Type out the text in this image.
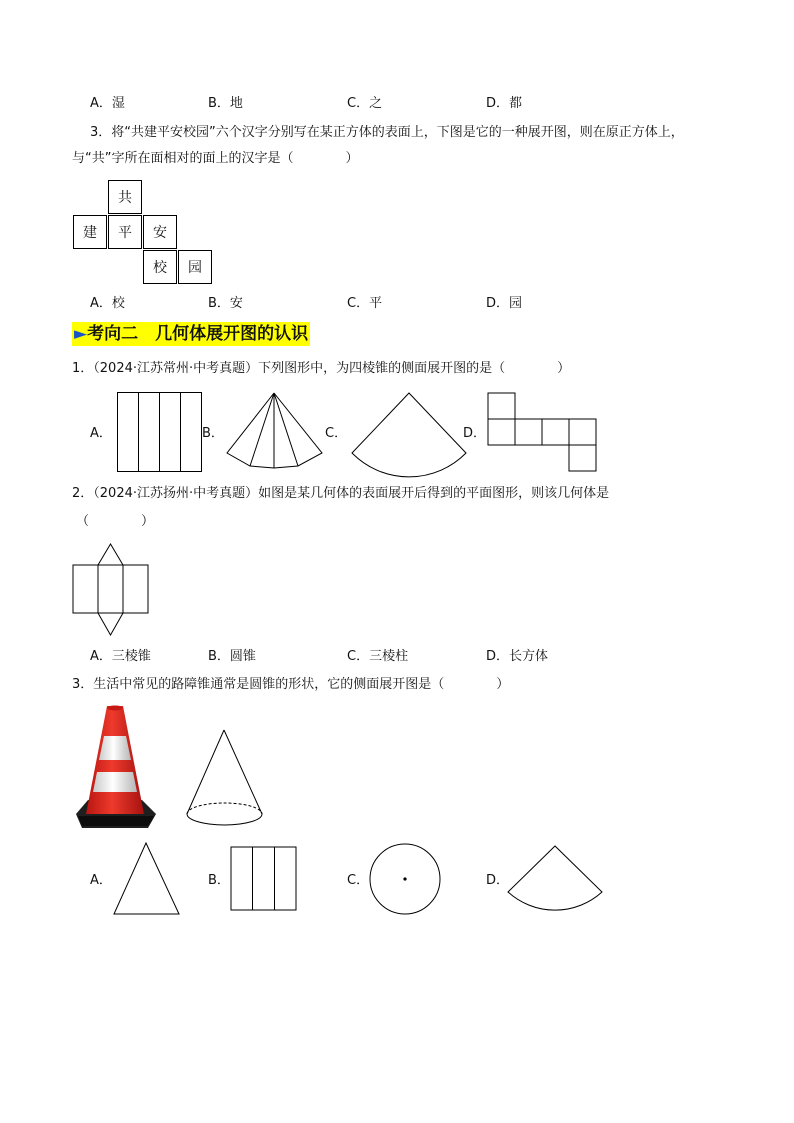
A．湿	B．地	C．之	D．都
3．将“共建平安校园”六个汉字分别写在某正方体的表面上，下图是它的一种展开图，则在原正方体上，
与“共”字所在面相对的面上的汉字是（　　　　）
共
建	平	安
校	园
A．校	B．安	C．平	D．园
►考向二　几何体展开图的认识
1．（2024·江苏常州·中考真题）下列图形中，为四棱锥的侧面展开图的是（　　　　）
A．	B．	C．	D．
2．（2024·江苏扬州·中考真题）如图是某几何体的表面展开后得到的平面图形，则该几何体是
（　　　　）
A．三棱锥	B．圆锥	C．三棱柱	D．长方体
3．生活中常见的路障锥通常是圆锥的形状，它的侧面展开图是（　　　　）
A．	B．	C．	D．
